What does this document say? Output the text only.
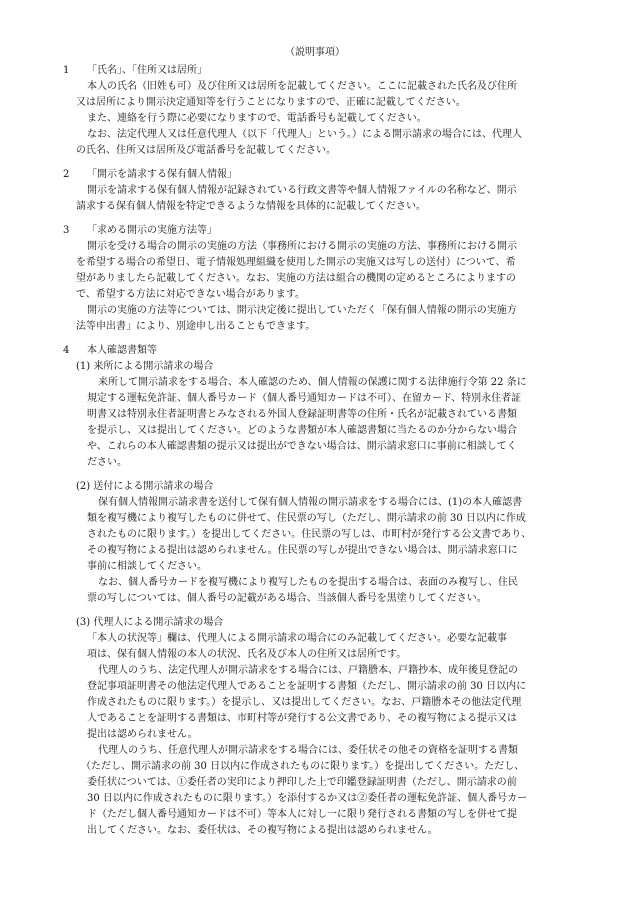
（説明事項）
1 「氏名」、「住所又は居所」
本人の氏名（旧姓も可）及び住所又は居所を記載してください。ここに記載された氏名及び住所
又は居所により開示決定通知等を行うことになりますので、正確に記載してください。
また、連絡を行う際に必要になりますので、電話番号も記載してください。
なお、法定代理人又は任意代理人（以下「代理人」という。）による開示請求の場合には、代理人
の氏名、住所又は居所及び電話番号を記載してください。
2 「開示を請求する保有個人情報」
開示を請求する保有個人情報が記録されている行政文書等や個人情報ファイルの名称など、開示
請求する保有個人情報を特定できるような情報を具体的に記載してください。
3 「求める開示の実施方法等」
開示を受ける場合の開示の実施の方法（事務所における開示の実施の方法、事務所における開示
を希望する場合の希望日、電子情報処理組織を使用した開示の実施又は写しの送付）について、希
望がありましたら記載してください。なお、実施の方法は組合の機関の定めるところによりますの
で、希望する方法に対応できない場合があります。
開示の実施の方法等については、開示決定後に提出していただく「保有個人情報の開示の実施方
法等申出書」により、別途申し出ることもできます。
4 本人確認書類等
(1) 来所による開示請求の場合
来所して開示請求をする場合、本人確認のため、個人情報の保護に関する法律施行令第 22 条に
規定する運転免許証、個人番号カード（個人番号通知カードは不可）、在留カード、特別永住者証
明書又は特別永住者証明書とみなされる外国人登録証明書等の住所・氏名が記載されている書類
を提示し、又は提出してください。どのような書類が本人確認書類に当たるのか分からない場合
や、これらの本人確認書類の提示又は提出ができない場合は、開示請求窓口に事前に相談してく
ださい。
(2) 送付による開示請求の場合
保有個人情報開示請求書を送付して保有個人情報の開示請求をする場合には、(1)の本人確認書
類を複写機により複写したものに併せて、住民票の写し（ただし、開示請求の前 30 日以内に作成
されたものに限ります。）を提出してください。住民票の写しは、市町村が発行する公文書であり、
その複写物による提出は認められません。住民票の写しが提出できない場合は、開示請求窓口に
事前に相談してください。
なお、個人番号カードを複写機により複写したものを提出する場合は、表面のみ複写し、住民
票の写しについては、個人番号の記載がある場合、当該個人番号を黒塗りしてください。
(3) 代理人による開示請求の場合
「本人の状況等」欄は、代理人による開示請求の場合にのみ記載してください。必要な記載事
項は、保有個人情報の本人の状況、氏名及び本人の住所又は居所です。
代理人のうち、法定代理人が開示請求をする場合には、戸籍謄本、戸籍抄本、成年後見登記の
登記事項証明書その他法定代理人であることを証明する書類（ただし、開示請求の前 30 日以内に
作成されたものに限ります。）を提示し、又は提出してください。なお、戸籍謄本その他法定代理
人であることを証明する書類は、市町村等が発行する公文書であり、その複写物による提示又は
提出は認められません。
代理人のうち、任意代理人が開示請求をする場合には、委任状その他その資格を証明する書類
（ただし、開示請求の前 30 日以内に作成されたものに限ります。）を提出してください。ただし、
委任状については、①委任者の実印により押印した上で印鑑登録証明書（ただし、開示請求の前
30 日以内に作成されたものに限ります。）を添付するか又は②委任者の運転免許証、個人番号カー
ド（ただし個人番号通知カードは不可）等本人に対し一に限り発行される書類の写しを併せて提
出してください。なお、委任状は、その複写物による提出は認められません。
